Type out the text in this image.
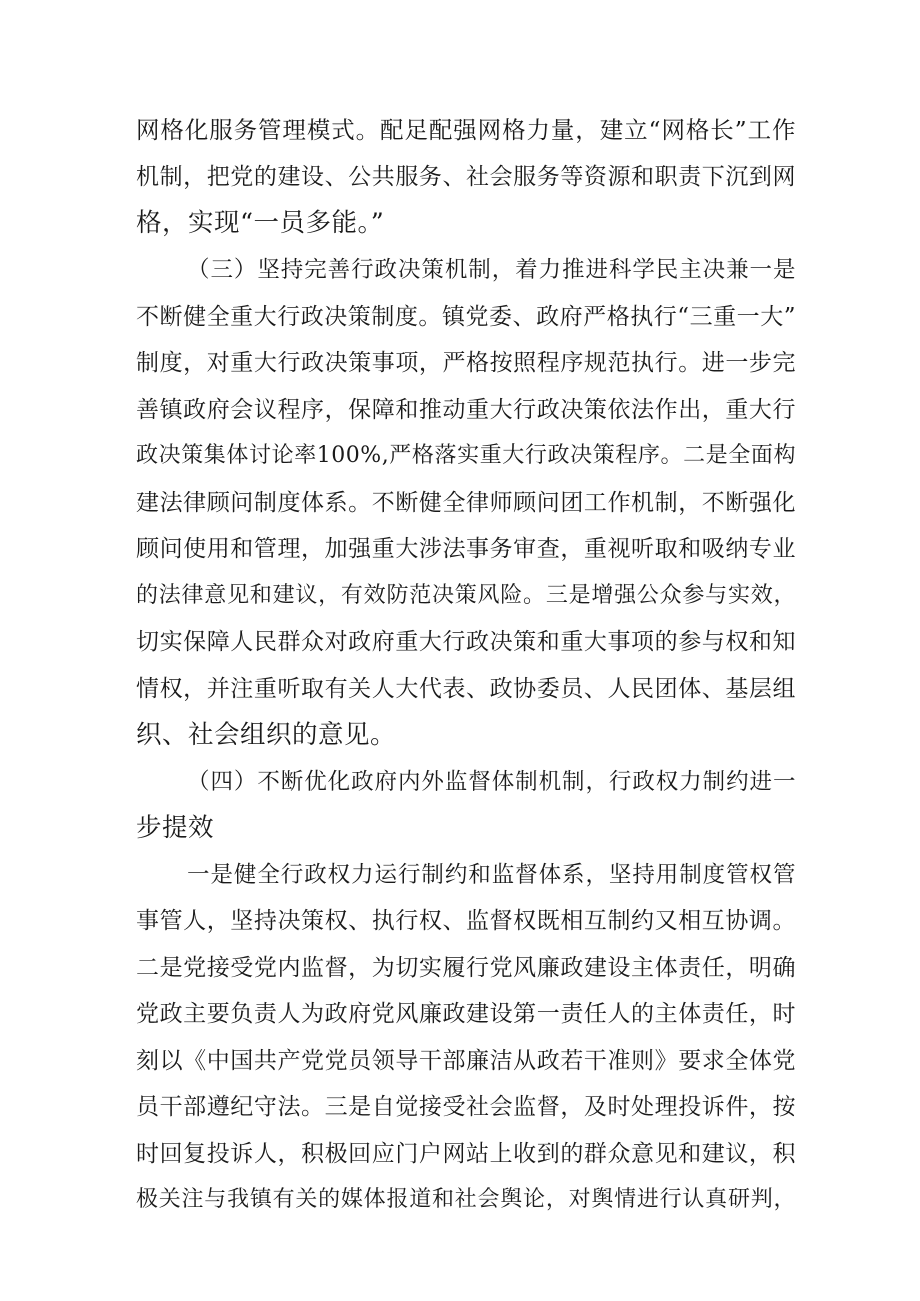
网格化服务管理模式。配足配强网格力量，建立“网格长”工作
机制，把党的建设、公共服务、社会服务等资源和职责下沉到网
格，实现“一员多能。”
（三）坚持完善行政决策机制，着力推进科学民主决兼一是
不断健全重大行政决策制度。镇党委、政府严格执行“三重一大”
制度，对重大行政决策事项，严格按照程序规范执行。进一步完
善镇政府会议程序，保障和推动重大行政决策依法作出，重大行
政决策集体讨论率100%,严格落实重大行政决策程序。二是全面构
建法律顾问制度体系。不断健全律师顾问团工作机制，不断强化
顾问使用和管理，加强重大涉法事务审查，重视听取和吸纳专业
的法律意见和建议，有效防范决策风险。三是增强公众参与实效，
切实保障人民群众对政府重大行政决策和重大事项的参与权和知
情权，并注重听取有关人大代表、政协委员、人民团体、基层组
织、社会组织的意见。
（四）不断优化政府内外监督体制机制，行政权力制约进一
步提效
一是健全行政权力运行制约和监督体系，坚持用制度管权管
事管人，坚持决策权、执行权、监督权既相互制约又相互协调。
二是党接受党内监督，为切实履行党风廉政建设主体责任，明确
党政主要负责人为政府党风廉政建设第一责任人的主体责任，时
刻以《中国共产党党员领导干部廉洁从政若干准则》要求全体党
员干部遵纪守法。三是自觉接受社会监督，及时处理投诉件，按
时回复投诉人，积极回应门户网站上收到的群众意见和建议，积
极关注与我镇有关的媒体报道和社会舆论，对舆情进行认真研判，
